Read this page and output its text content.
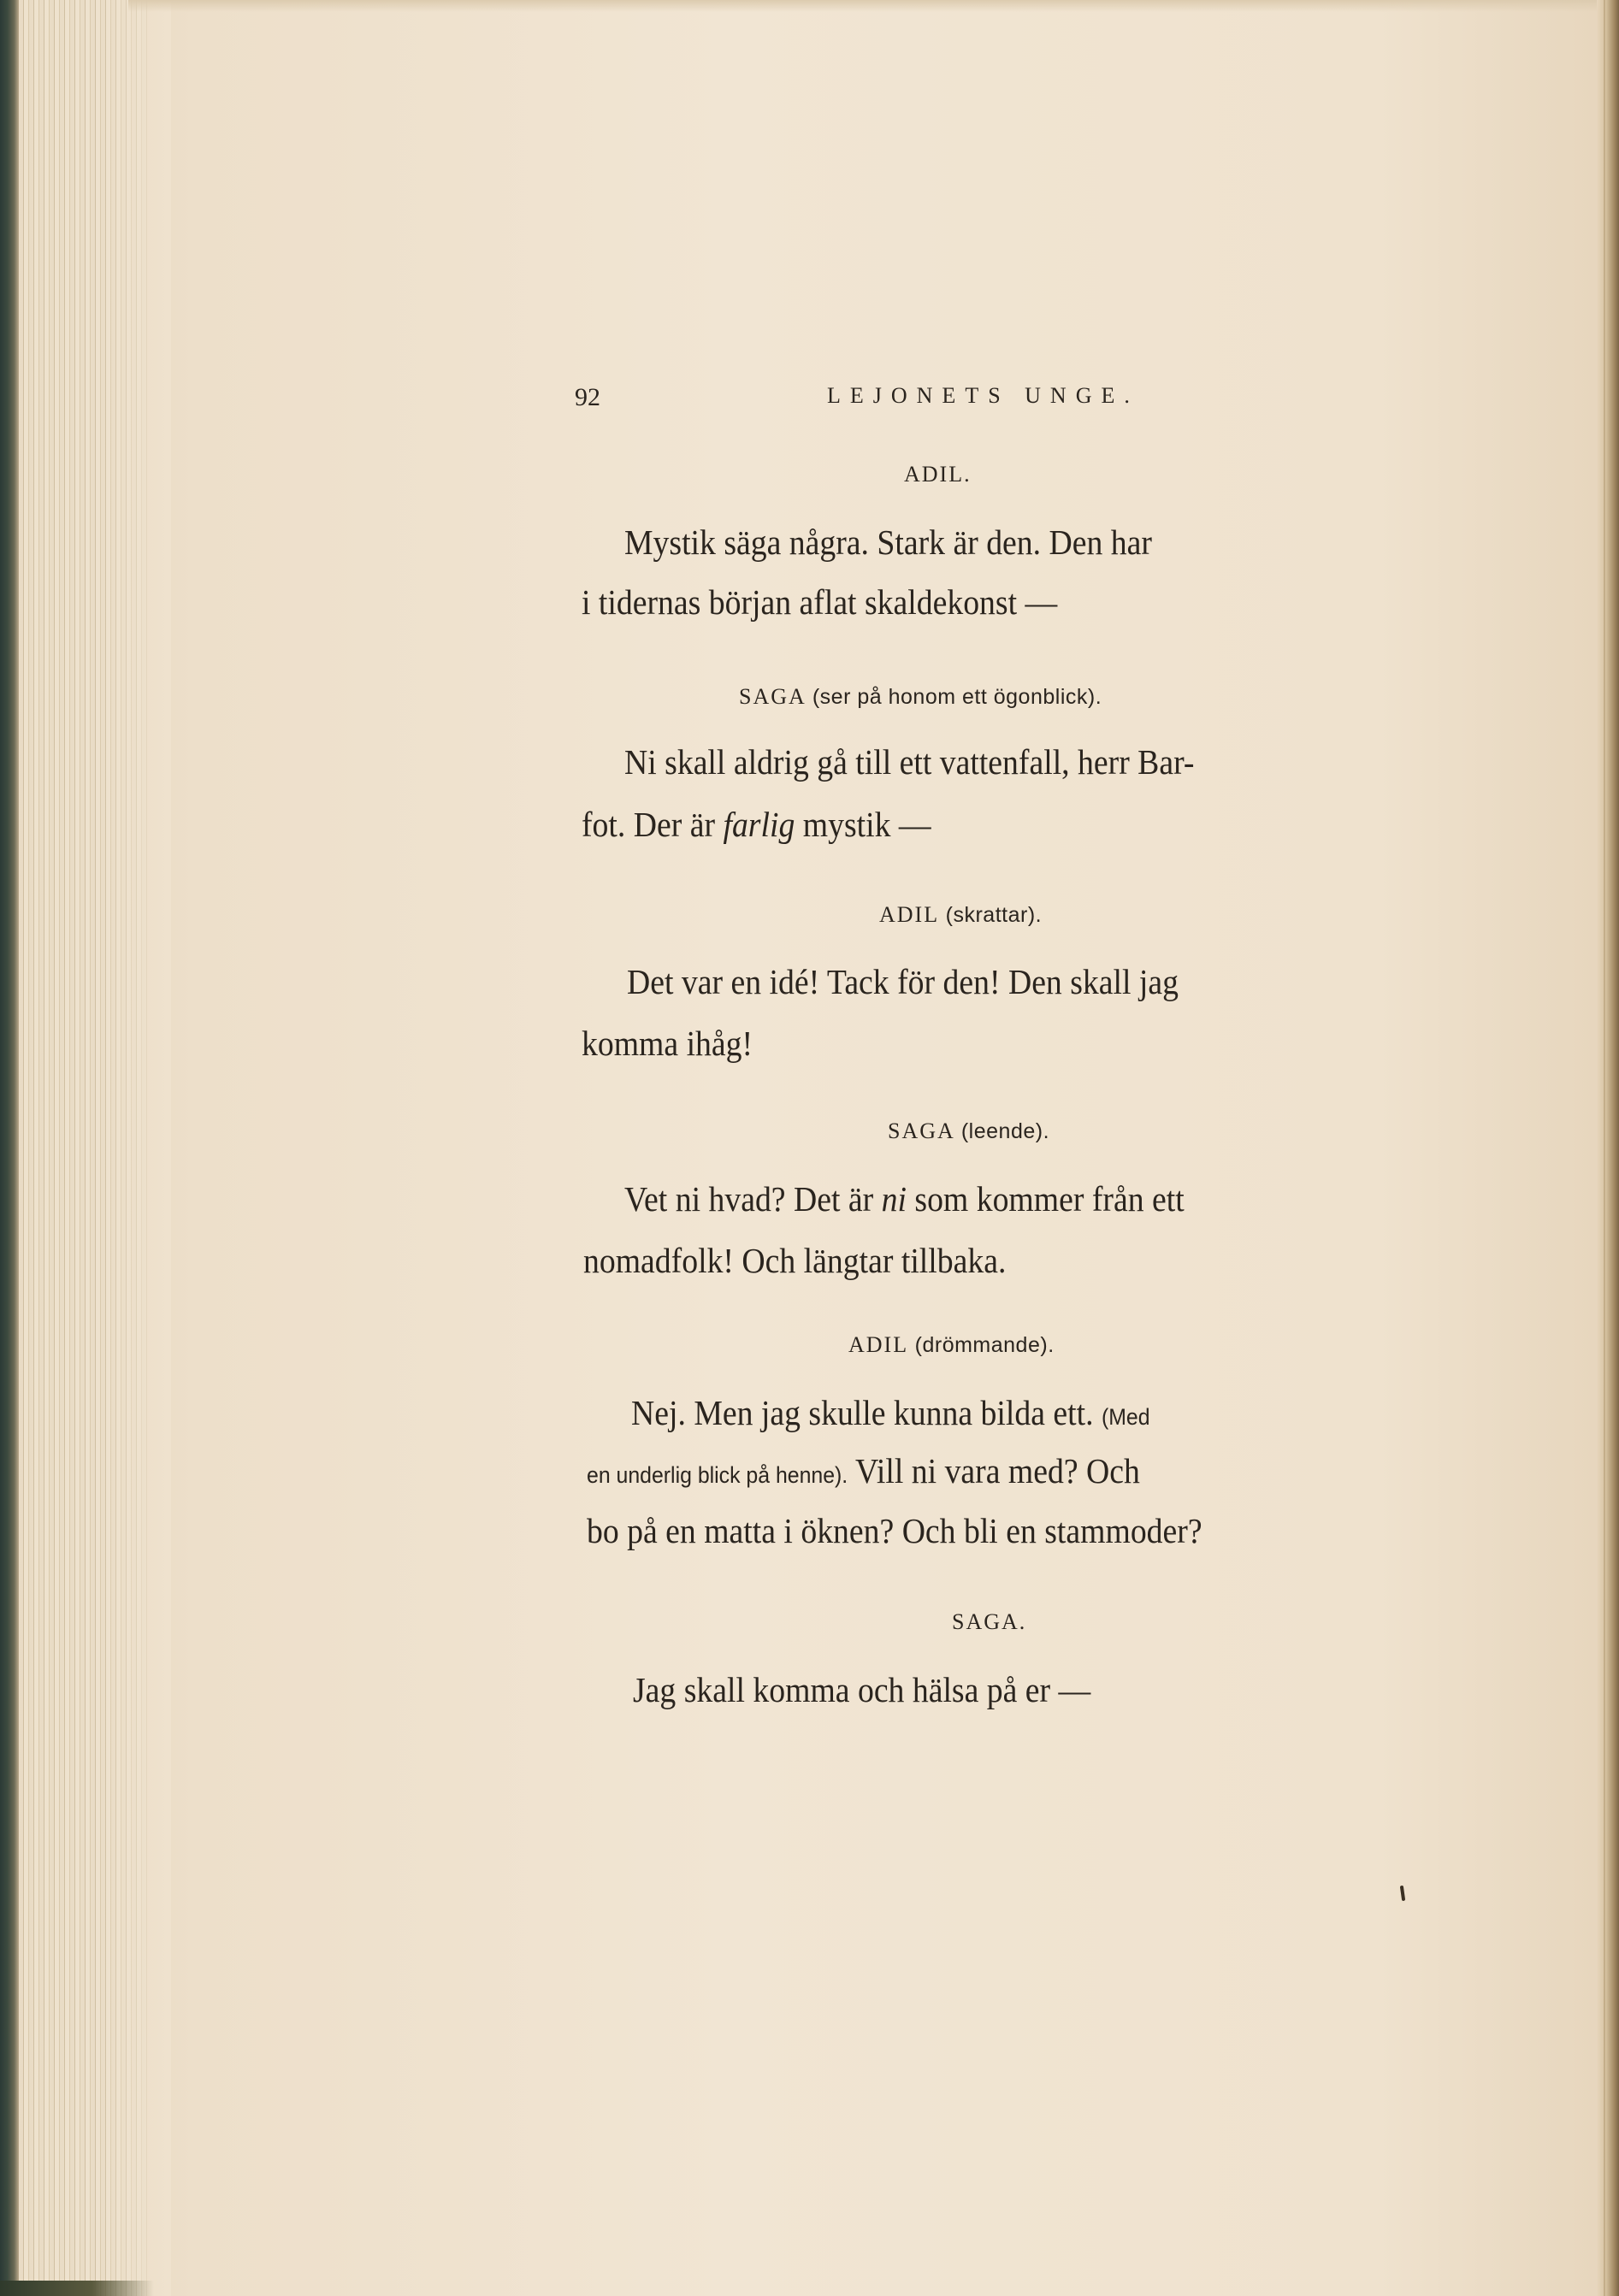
92	LEJONETS UNGE.
ADIL.
Mystik säga några. Stark är den. Den har
i tidernas början aflat skaldekonst —
SAGA (ser på honom ett ögonblick).
Ni skall aldrig gå till ett vattenfall, herr Bar-
fot. Der är farlig mystik —
ADIL (skrattar).
Det var en idé! Tack för den! Den skall jag
komma ihåg!
SAGA (leende).
Vet ni hvad? Det är ni som kommer från ett
nomadfolk! Och längtar tillbaka.
ADIL (drömmande).
Nej. Men jag skulle kunna bilda ett. (Med
en underlig blick på henne). Vill ni vara med? Och
bo på en matta i öknen? Och bli en stammoder?
SAGA.
Jag skall komma och hälsa på er —
